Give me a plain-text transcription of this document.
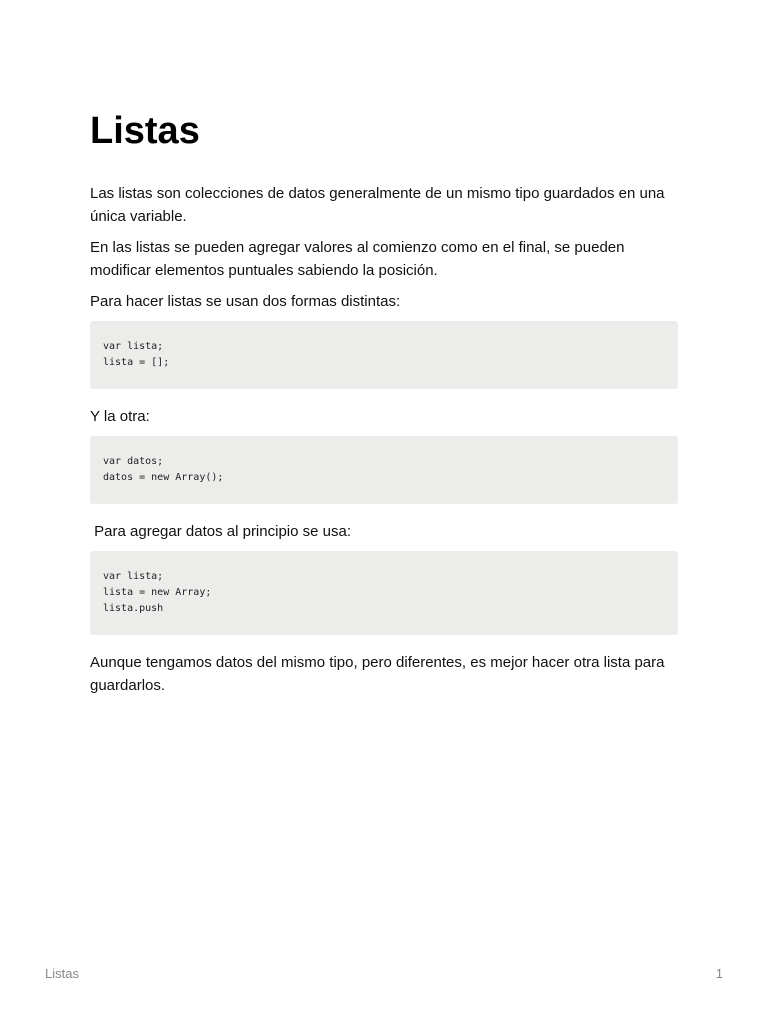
Listas

Las listas son colecciones de datos generalmente de un mismo tipo guardados en una única variable.

En las listas se pueden agregar valores al comienzo como en el final, se pueden modificar elementos puntuales sabiendo la posición.

Para hacer listas se usan dos formas distintas:

var lista;
lista = [];

Y la otra:

var datos;
datos = new Array();

Para agregar datos al principio se usa:

var lista;
lista = new Array;
lista.push

Aunque tengamos datos del mismo tipo, pero diferentes, es mejor hacer otra lista para guardarlos.

Listas	1
